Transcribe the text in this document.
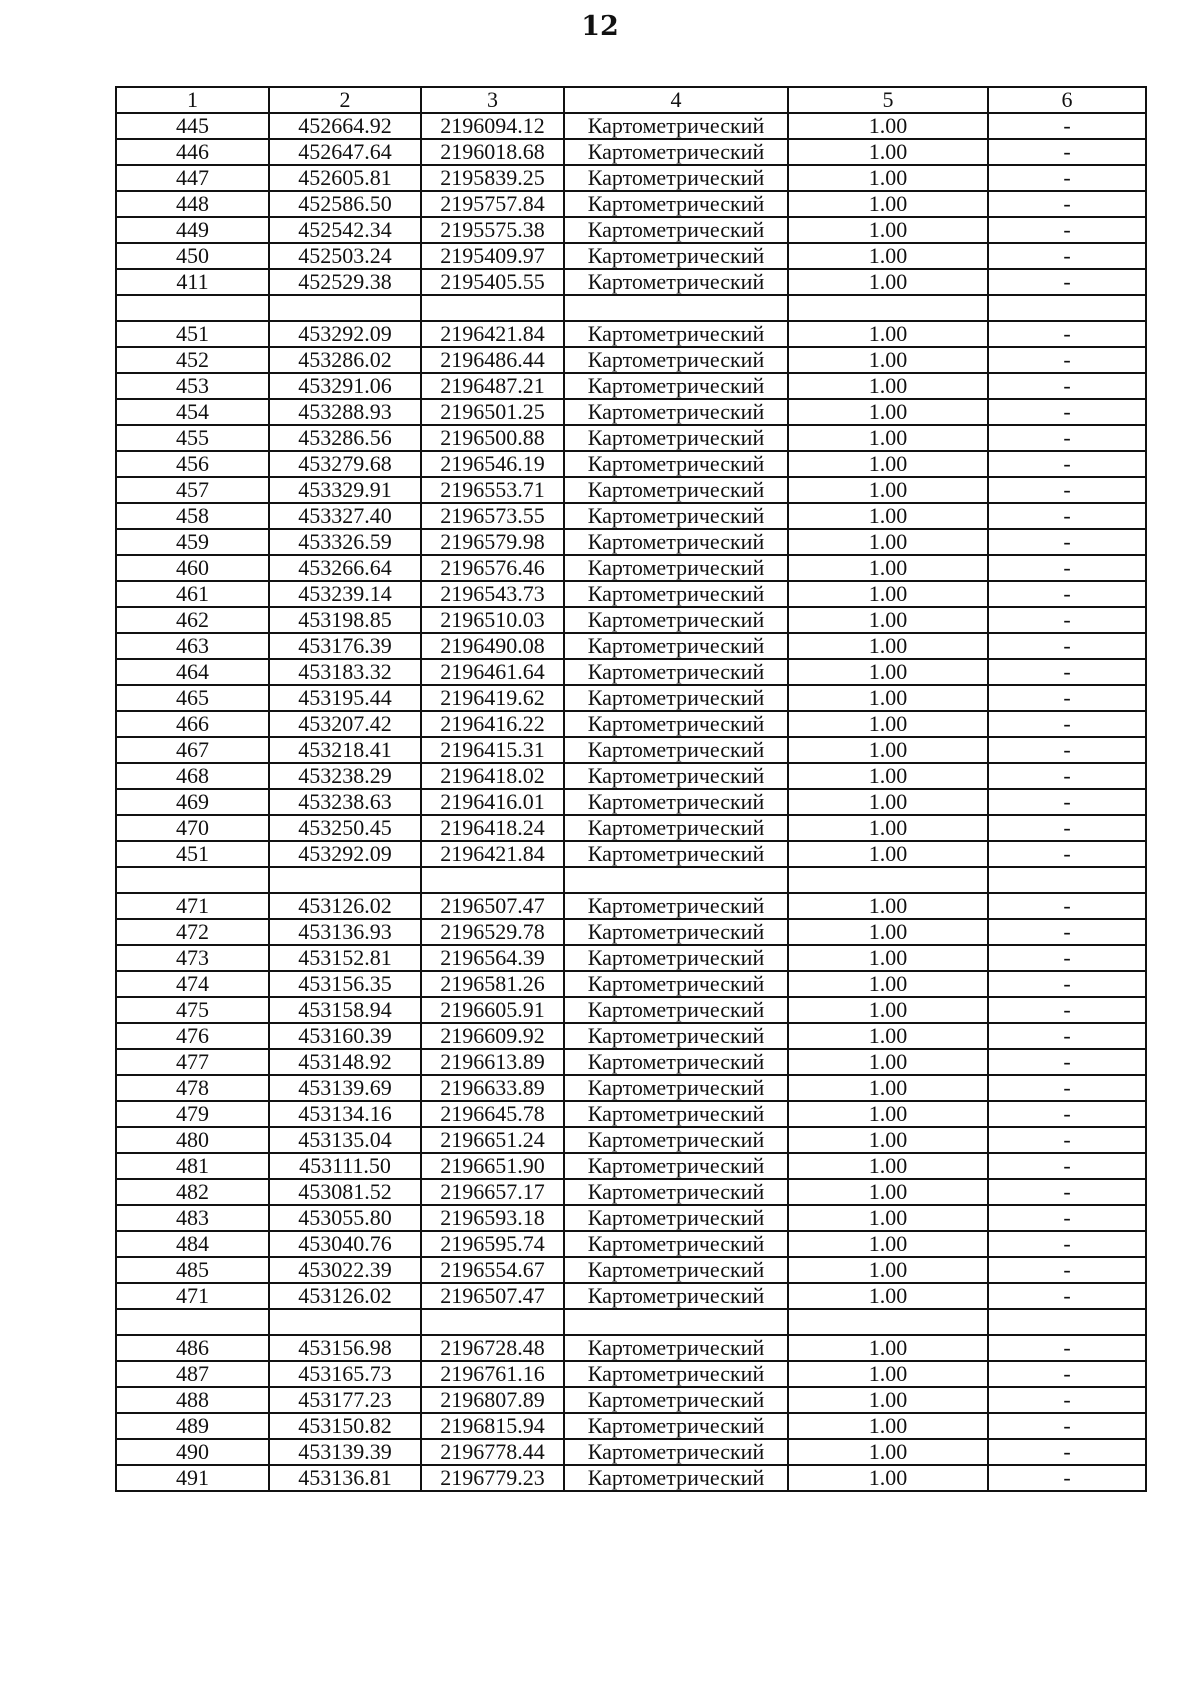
12
1	2	3	4	5	6
445	452664.92	2196094.12	Картометрический	1.00	-
446	452647.64	2196018.68	Картометрический	1.00	-
447	452605.81	2195839.25	Картометрический	1.00	-
448	452586.50	2195757.84	Картометрический	1.00	-
449	452542.34	2195575.38	Картометрический	1.00	-
450	452503.24	2195409.97	Картометрический	1.00	-
411	452529.38	2195405.55	Картометрический	1.00	-

451	453292.09	2196421.84	Картометрический	1.00	-
452	453286.02	2196486.44	Картометрический	1.00	-
453	453291.06	2196487.21	Картометрический	1.00	-
454	453288.93	2196501.25	Картометрический	1.00	-
455	453286.56	2196500.88	Картометрический	1.00	-
456	453279.68	2196546.19	Картометрический	1.00	-
457	453329.91	2196553.71	Картометрический	1.00	-
458	453327.40	2196573.55	Картометрический	1.00	-
459	453326.59	2196579.98	Картометрический	1.00	-
460	453266.64	2196576.46	Картометрический	1.00	-
461	453239.14	2196543.73	Картометрический	1.00	-
462	453198.85	2196510.03	Картометрический	1.00	-
463	453176.39	2196490.08	Картометрический	1.00	-
464	453183.32	2196461.64	Картометрический	1.00	-
465	453195.44	2196419.62	Картометрический	1.00	-
466	453207.42	2196416.22	Картометрический	1.00	-
467	453218.41	2196415.31	Картометрический	1.00	-
468	453238.29	2196418.02	Картометрический	1.00	-
469	453238.63	2196416.01	Картометрический	1.00	-
470	453250.45	2196418.24	Картометрический	1.00	-
451	453292.09	2196421.84	Картометрический	1.00	-

471	453126.02	2196507.47	Картометрический	1.00	-
472	453136.93	2196529.78	Картометрический	1.00	-
473	453152.81	2196564.39	Картометрический	1.00	-
474	453156.35	2196581.26	Картометрический	1.00	-
475	453158.94	2196605.91	Картометрический	1.00	-
476	453160.39	2196609.92	Картометрический	1.00	-
477	453148.92	2196613.89	Картометрический	1.00	-
478	453139.69	2196633.89	Картометрический	1.00	-
479	453134.16	2196645.78	Картометрический	1.00	-
480	453135.04	2196651.24	Картометрический	1.00	-
481	453111.50	2196651.90	Картометрический	1.00	-
482	453081.52	2196657.17	Картометрический	1.00	-
483	453055.80	2196593.18	Картометрический	1.00	-
484	453040.76	2196595.74	Картометрический	1.00	-
485	453022.39	2196554.67	Картометрический	1.00	-
471	453126.02	2196507.47	Картометрический	1.00	-

486	453156.98	2196728.48	Картометрический	1.00	-
487	453165.73	2196761.16	Картометрический	1.00	-
488	453177.23	2196807.89	Картометрический	1.00	-
489	453150.82	2196815.94	Картометрический	1.00	-
490	453139.39	2196778.44	Картометрический	1.00	-
491	453136.81	2196779.23	Картометрический	1.00	-
